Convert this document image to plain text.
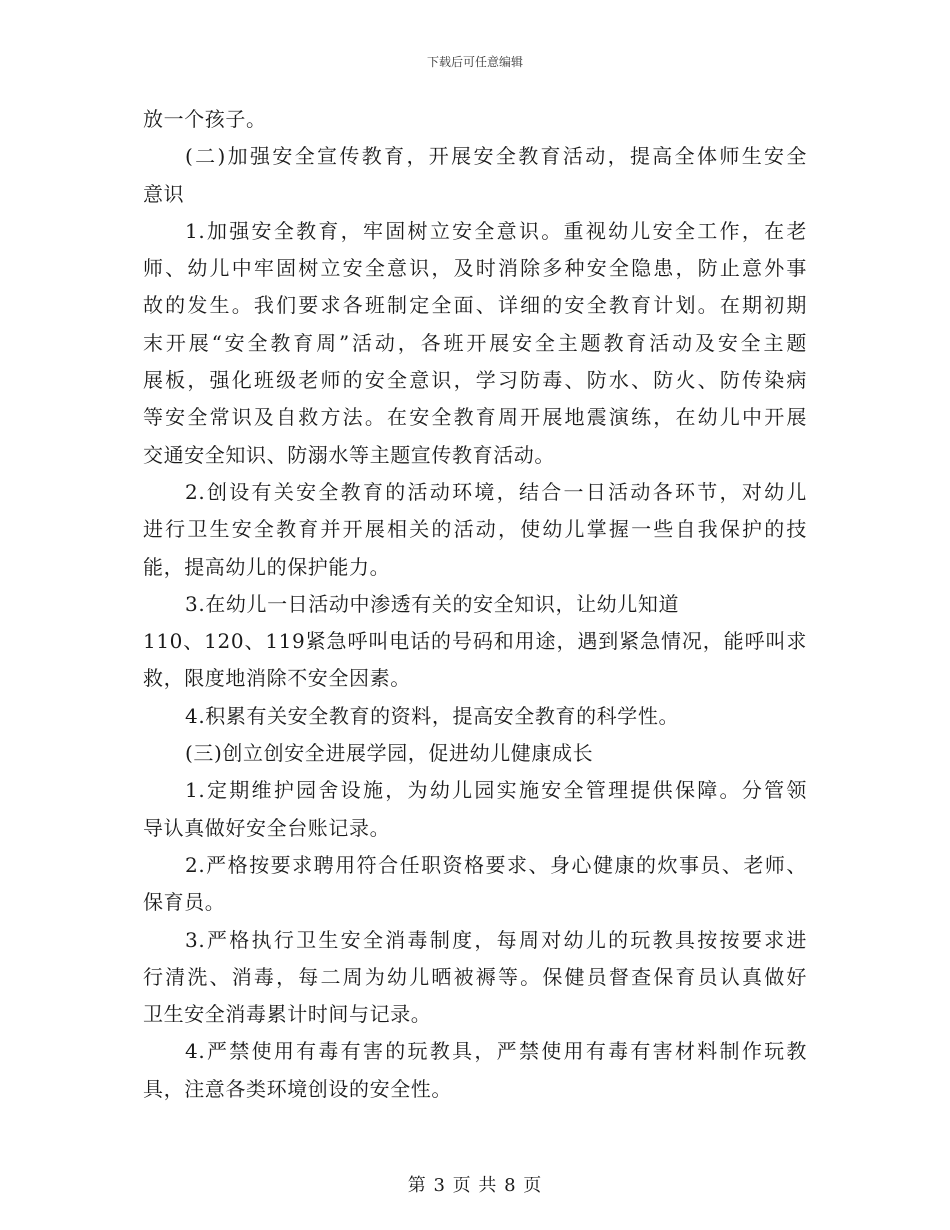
下载后可任意编辑
放一个孩子。
(二)加强安全宣传教育，开展安全教育活动，提高全体师生安全
意识
1.加强安全教育，牢固树立安全意识。重视幼儿安全工作，在老
师、幼儿中牢固树立安全意识，及时消除多种安全隐患，防止意外事
故的发生。我们要求各班制定全面、详细的安全教育计划。在期初期
末开展“安全教育周”活动，各班开展安全主题教育活动及安全主题
展板，强化班级老师的安全意识，学习防毒、防水、防火、防传染病
等安全常识及自救方法。在安全教育周开展地震演练，在幼儿中开展
交通安全知识、防溺水等主题宣传教育活动。
2.创设有关安全教育的活动环境，结合一日活动各环节，对幼儿
进行卫生安全教育并开展相关的活动，使幼儿掌握一些自我保护的技
能，提高幼儿的保护能力。
3.在幼儿一日活动中渗透有关的安全知识，让幼儿知道
110、120、119紧急呼叫电话的号码和用途，遇到紧急情况，能呼叫求
救，限度地消除不安全因素。
4.积累有关安全教育的资料，提高安全教育的科学性。
(三)创立创安全进展学园，促进幼儿健康成长
1.定期维护园舍设施，为幼儿园实施安全管理提供保障。分管领
导认真做好安全台账记录。
2.严格按要求聘用符合任职资格要求、身心健康的炊事员、老师、
保育员。
3.严格执行卫生安全消毒制度，每周对幼儿的玩教具按按要求进
行清洗、消毒，每二周为幼儿晒被褥等。保健员督查保育员认真做好
卫生安全消毒累计时间与记录。
4.严禁使用有毒有害的玩教具，严禁使用有毒有害材料制作玩教
具，注意各类环境创设的安全性。
第 3 页 共 8 页
